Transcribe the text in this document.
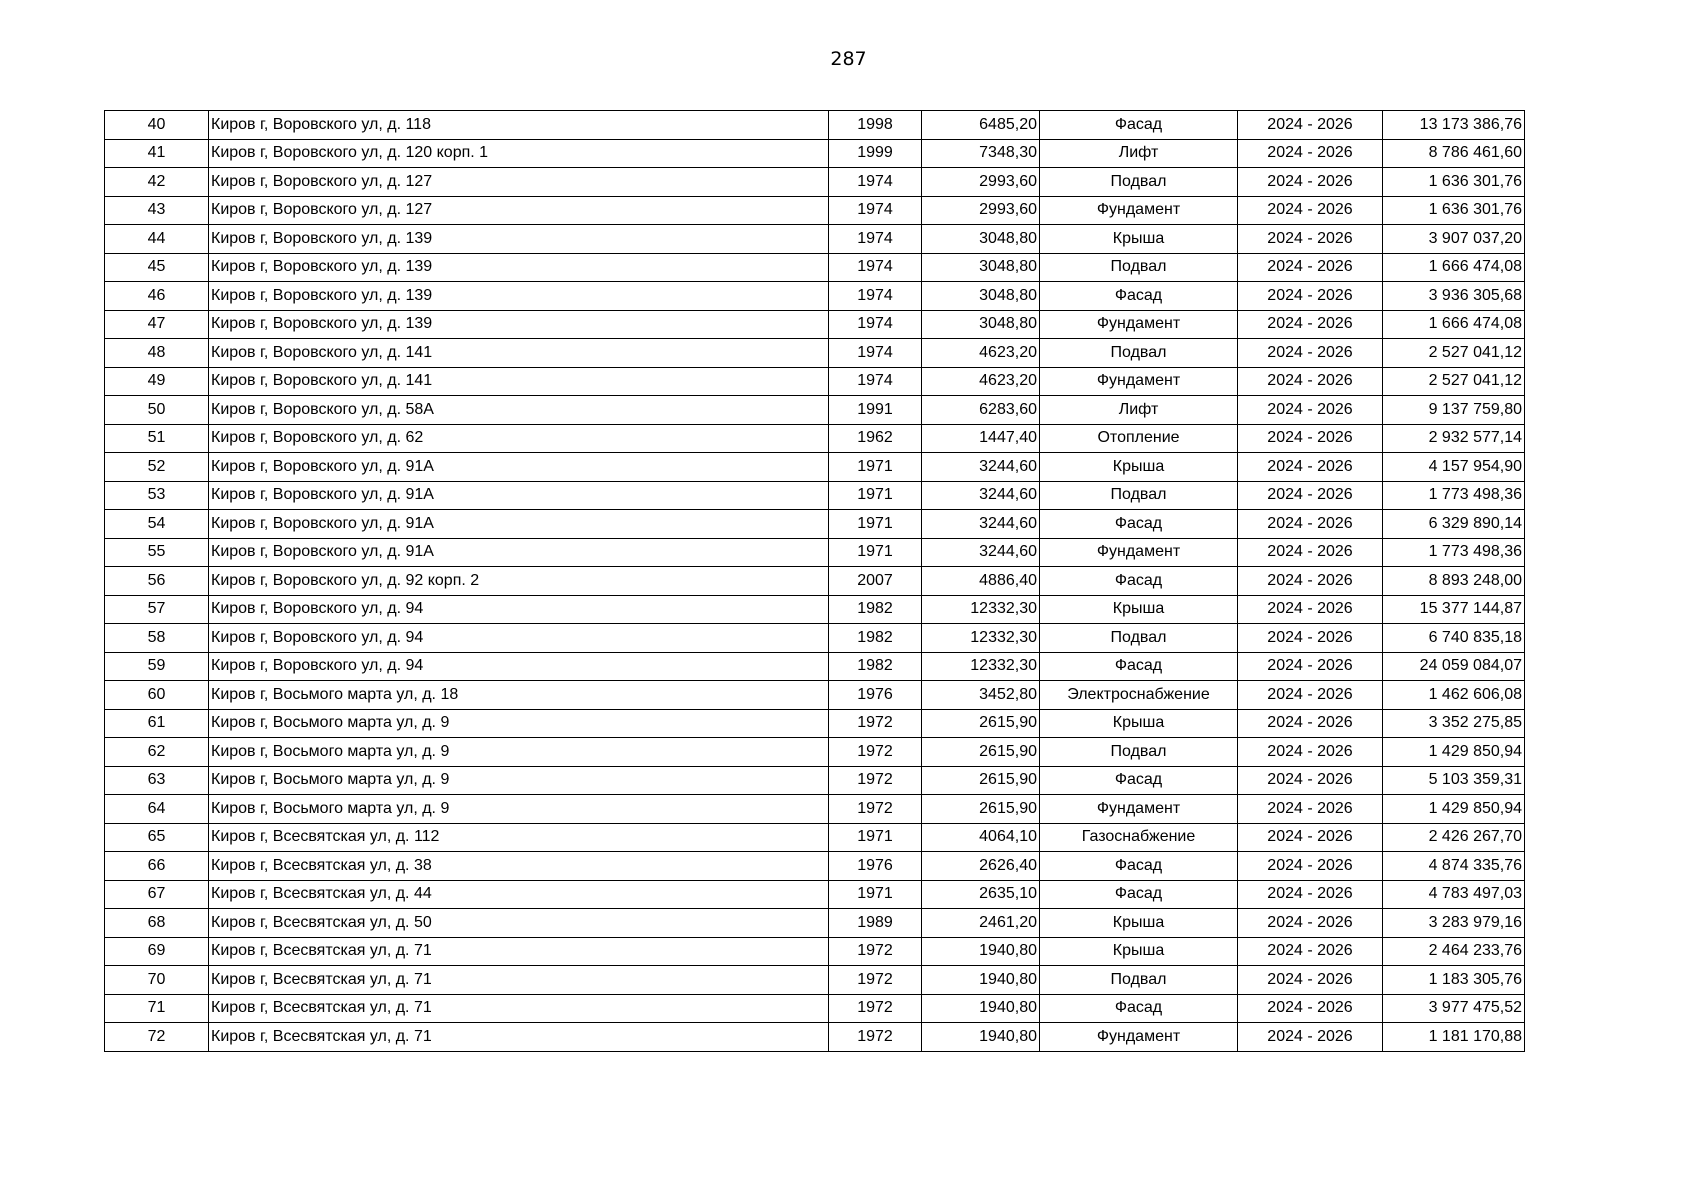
287
40	Киров г, Воровского ул, д. 118	1998	6485,20	Фасад	2024 - 2026	13 173 386,76
41	Киров г, Воровского ул, д. 120 корп. 1	1999	7348,30	Лифт	2024 - 2026	8 786 461,60
42	Киров г, Воровского ул, д. 127	1974	2993,60	Подвал	2024 - 2026	1 636 301,76
43	Киров г, Воровского ул, д. 127	1974	2993,60	Фундамент	2024 - 2026	1 636 301,76
44	Киров г, Воровского ул, д. 139	1974	3048,80	Крыша	2024 - 2026	3 907 037,20
45	Киров г, Воровского ул, д. 139	1974	3048,80	Подвал	2024 - 2026	1 666 474,08
46	Киров г, Воровского ул, д. 139	1974	3048,80	Фасад	2024 - 2026	3 936 305,68
47	Киров г, Воровского ул, д. 139	1974	3048,80	Фундамент	2024 - 2026	1 666 474,08
48	Киров г, Воровского ул, д. 141	1974	4623,20	Подвал	2024 - 2026	2 527 041,12
49	Киров г, Воровского ул, д. 141	1974	4623,20	Фундамент	2024 - 2026	2 527 041,12
50	Киров г, Воровского ул, д. 58А	1991	6283,60	Лифт	2024 - 2026	9 137 759,80
51	Киров г, Воровского ул, д. 62	1962	1447,40	Отопление	2024 - 2026	2 932 577,14
52	Киров г, Воровского ул, д. 91А	1971	3244,60	Крыша	2024 - 2026	4 157 954,90
53	Киров г, Воровского ул, д. 91А	1971	3244,60	Подвал	2024 - 2026	1 773 498,36
54	Киров г, Воровского ул, д. 91А	1971	3244,60	Фасад	2024 - 2026	6 329 890,14
55	Киров г, Воровского ул, д. 91А	1971	3244,60	Фундамент	2024 - 2026	1 773 498,36
56	Киров г, Воровского ул, д. 92 корп. 2	2007	4886,40	Фасад	2024 - 2026	8 893 248,00
57	Киров г, Воровского ул, д. 94	1982	12332,30	Крыша	2024 - 2026	15 377 144,87
58	Киров г, Воровского ул, д. 94	1982	12332,30	Подвал	2024 - 2026	6 740 835,18
59	Киров г, Воровского ул, д. 94	1982	12332,30	Фасад	2024 - 2026	24 059 084,07
60	Киров г, Восьмого марта ул, д. 18	1976	3452,80	Электроснабжение	2024 - 2026	1 462 606,08
61	Киров г, Восьмого марта ул, д. 9	1972	2615,90	Крыша	2024 - 2026	3 352 275,85
62	Киров г, Восьмого марта ул, д. 9	1972	2615,90	Подвал	2024 - 2026	1 429 850,94
63	Киров г, Восьмого марта ул, д. 9	1972	2615,90	Фасад	2024 - 2026	5 103 359,31
64	Киров г, Восьмого марта ул, д. 9	1972	2615,90	Фундамент	2024 - 2026	1 429 850,94
65	Киров г, Всесвятская ул, д. 112	1971	4064,10	Газоснабжение	2024 - 2026	2 426 267,70
66	Киров г, Всесвятская ул, д. 38	1976	2626,40	Фасад	2024 - 2026	4 874 335,76
67	Киров г, Всесвятская ул, д. 44	1971	2635,10	Фасад	2024 - 2026	4 783 497,03
68	Киров г, Всесвятская ул, д. 50	1989	2461,20	Крыша	2024 - 2026	3 283 979,16
69	Киров г, Всесвятская ул, д. 71	1972	1940,80	Крыша	2024 - 2026	2 464 233,76
70	Киров г, Всесвятская ул, д. 71	1972	1940,80	Подвал	2024 - 2026	1 183 305,76
71	Киров г, Всесвятская ул, д. 71	1972	1940,80	Фасад	2024 - 2026	3 977 475,52
72	Киров г, Всесвятская ул, д. 71	1972	1940,80	Фундамент	2024 - 2026	1 181 170,88
